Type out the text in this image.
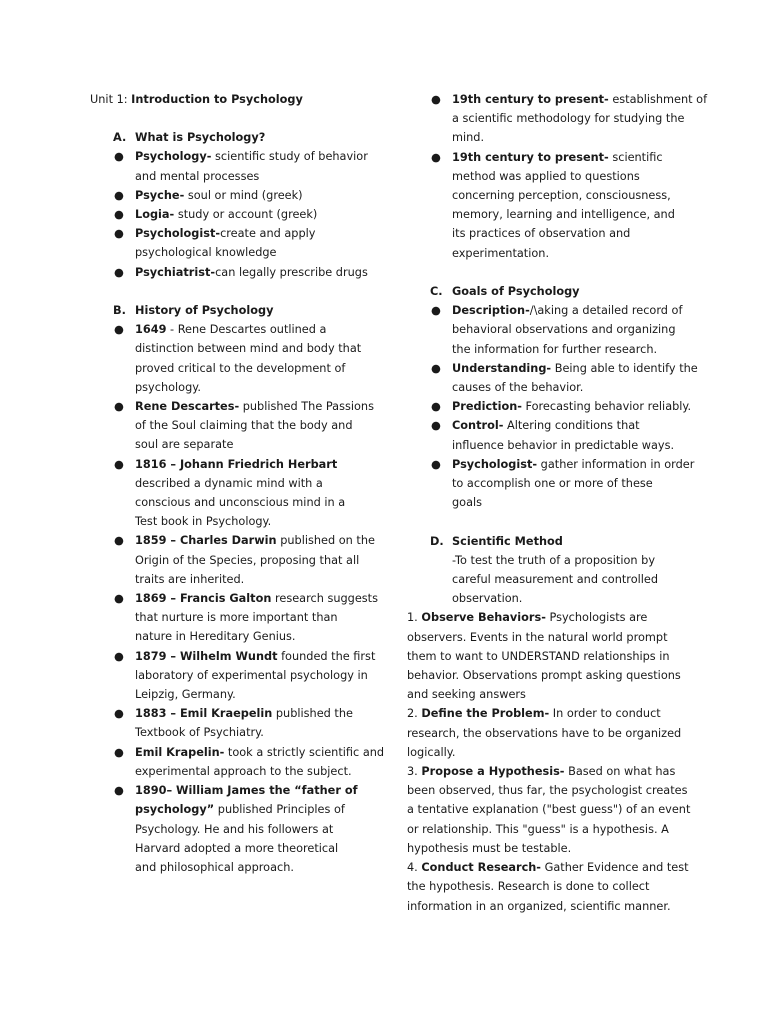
Unit 1: Introduction to Psychology
A. What is Psychology?
● Psychology- scientific study of behavior
and mental processes
● Psyche- soul or mind (greek)
● Logia- study or account (greek)
● Psychologist-create and apply
psychological knowledge
● Psychiatrist-can legally prescribe drugs
B. History of Psychology
● 1649 - Rene Descartes outlined a
distinction between mind and body that
proved critical to the development of
psychology.
● Rene Descartes- published The Passions
of the Soul claiming that the body and
soul are separate
● 1816 – Johann Friedrich Herbart
described a dynamic mind with a
conscious and unconscious mind in a
Test book in Psychology.
● 1859 – Charles Darwin published on the
Origin of the Species, proposing that all
traits are inherited.
● 1869 – Francis Galton research suggests
that nurture is more important than
nature in Hereditary Genius.
● 1879 – Wilhelm Wundt founded the first
laboratory of experimental psychology in
Leipzig, Germany.
● 1883 – Emil Kraepelin published the
Textbook of Psychiatry.
● Emil Krapelin- took a strictly scientific and
experimental approach to the subject.
● 1890– William James the “father of
psychology” published Principles of
Psychology. He and his followers at
Harvard adopted a more theoretical
and philosophical approach.
● 19th century to present- establishment of
a scientific methodology for studying the
mind.
● 19th century to present- scientific
method was applied to questions
concerning perception, consciousness,
memory, learning and intelligence, and
its practices of observation and
experimentation.
C. Goals of Psychology
● Description-/\aking a detailed record of
behavioral observations and organizing
the information for further research.
● Understanding- Being able to identify the
causes of the behavior.
● Prediction- Forecasting behavior reliably.
● Control- Altering conditions that
influence behavior in predictable ways.
● Psychologist- gather information in order
to accomplish one or more of these
goals
D. Scientific Method
-To test the truth of a proposition by
careful measurement and controlled
observation.
1. Observe Behaviors- Psychologists are
observers. Events in the natural world prompt
them to want to UNDERSTAND relationships in
behavior. Observations prompt asking questions
and seeking answers
2. Define the Problem- In order to conduct
research, the observations have to be organized
logically.
3. Propose a Hypothesis- Based on what has
been observed, thus far, the psychologist creates
a tentative explanation ("best guess") of an event
or relationship. This "guess" is a hypothesis. A
hypothesis must be testable.
4. Conduct Research- Gather Evidence and test
the hypothesis. Research is done to collect
information in an organized, scientific manner.
